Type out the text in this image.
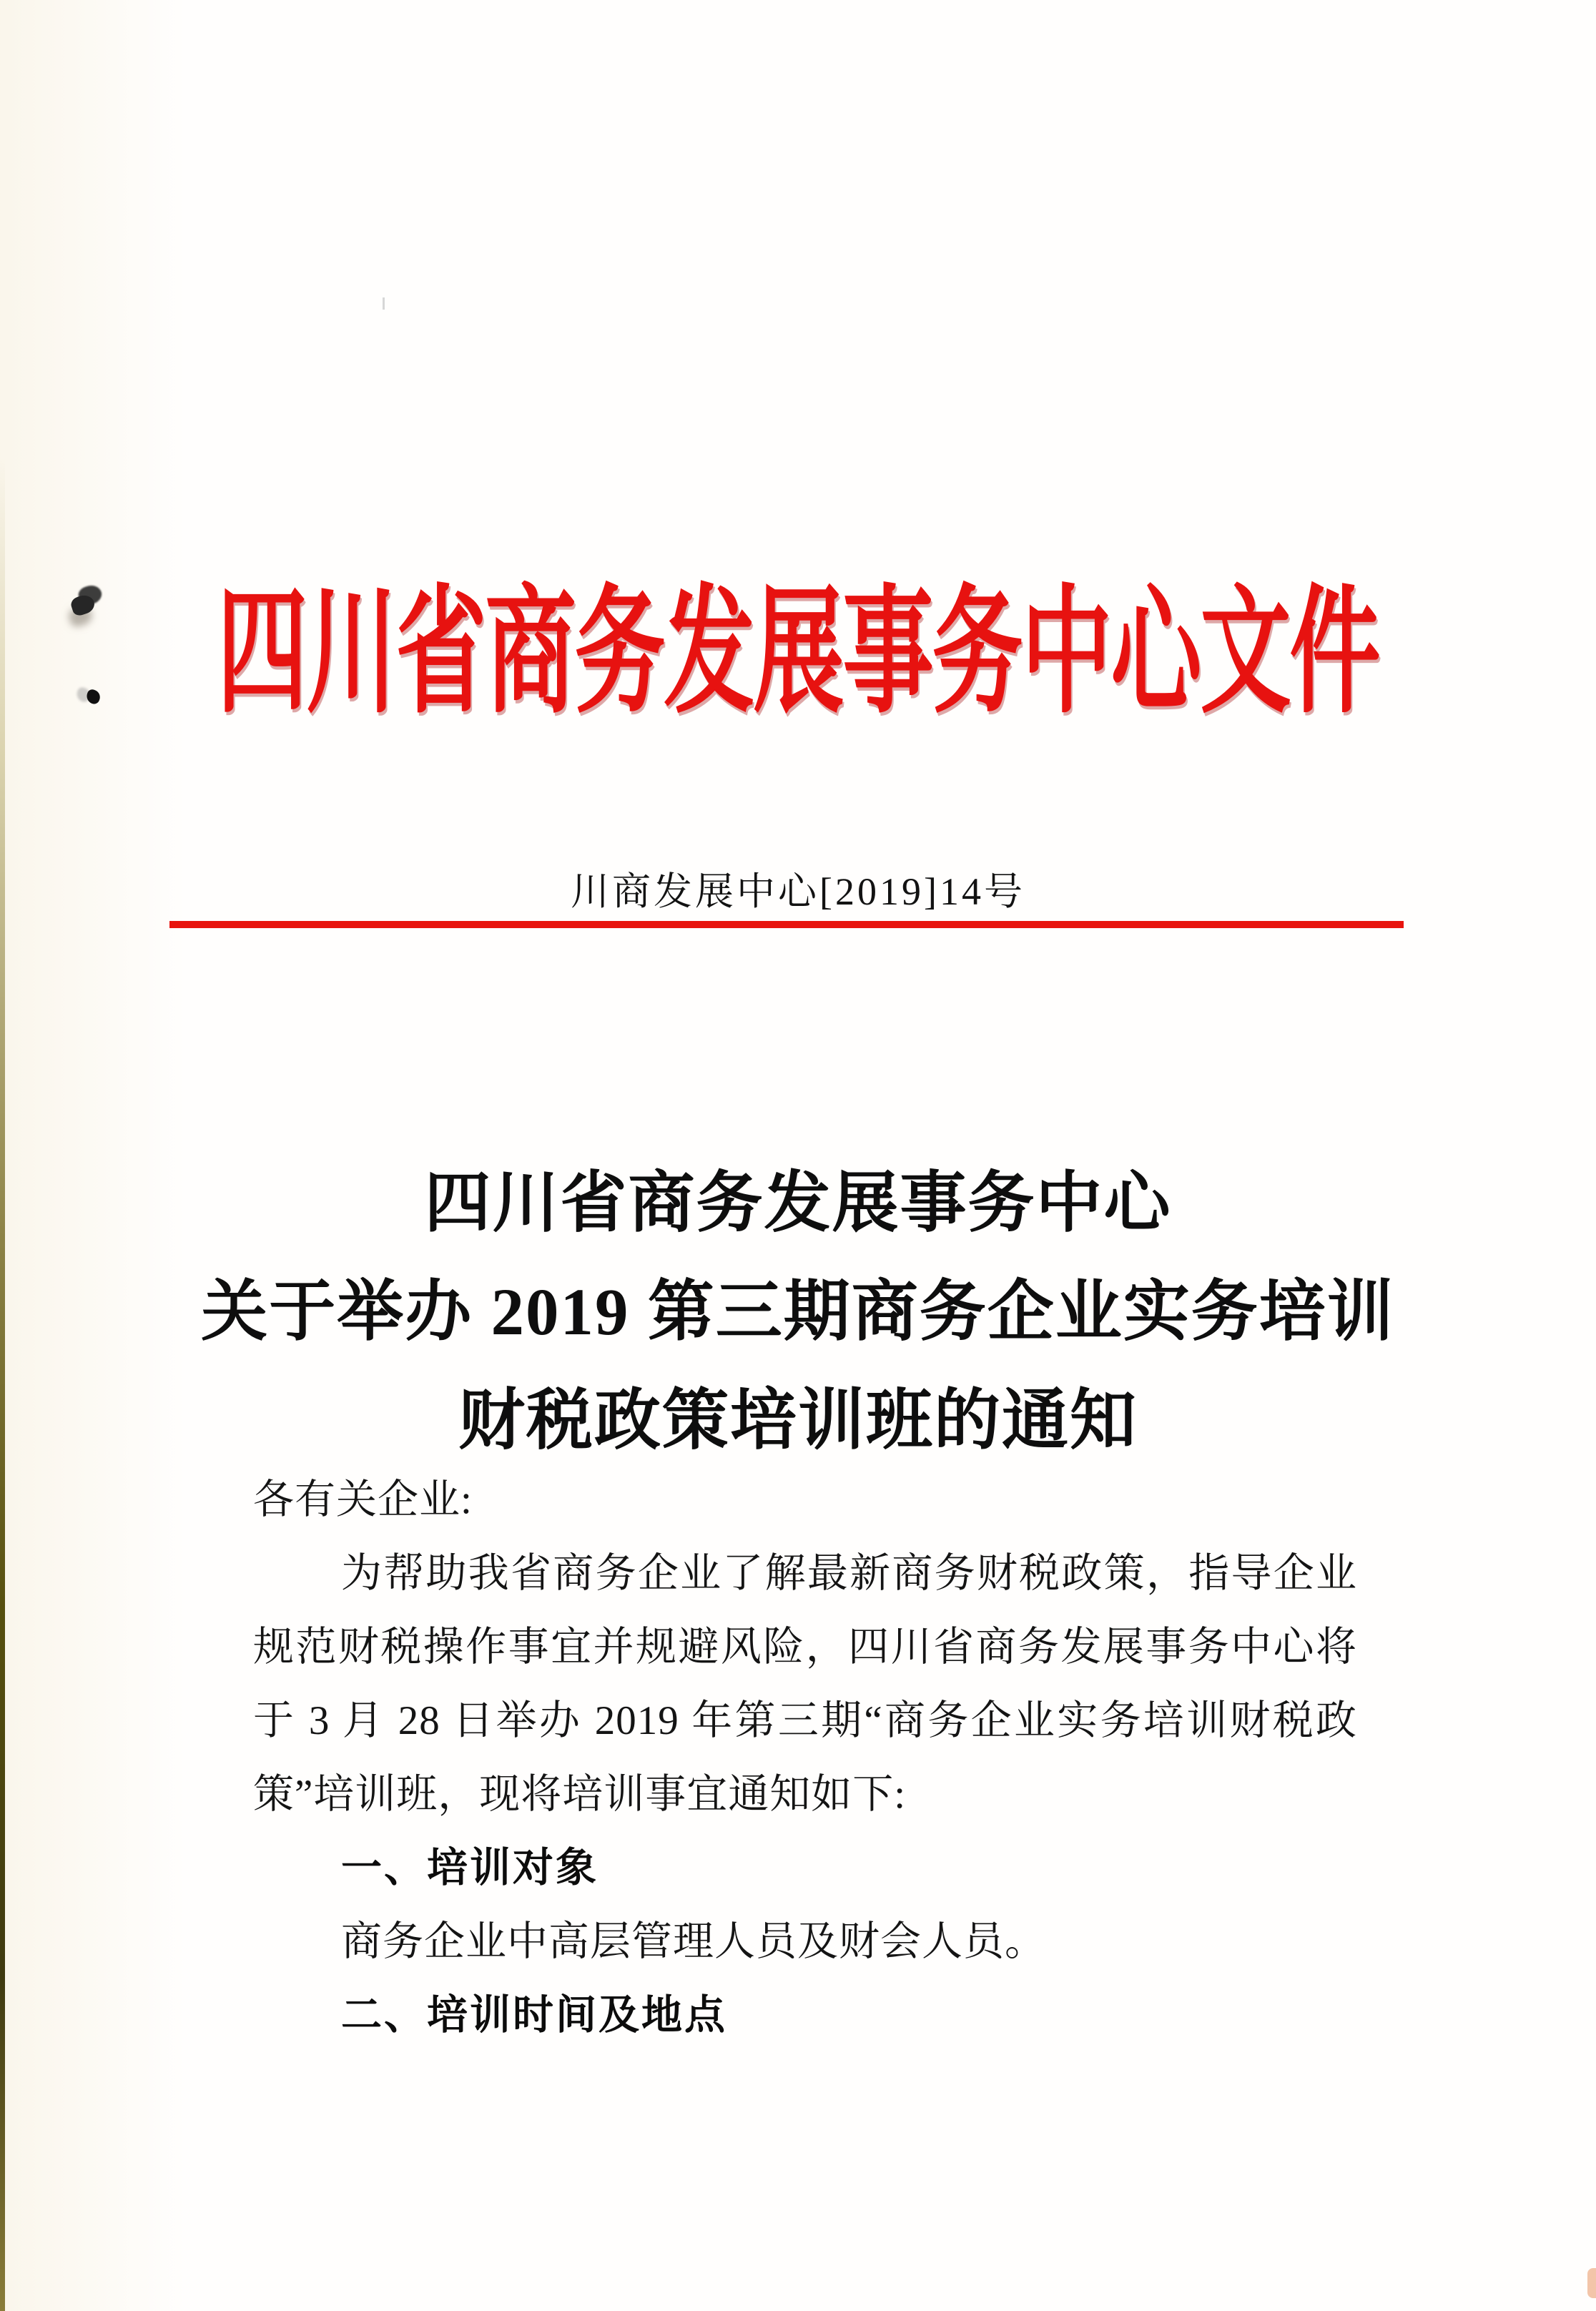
四川省商务发展事务中心文件
川商发展中心[2019]14号
四川省商务发展事务中心
关于举办 2019 第三期商务企业实务培训
财税政策培训班的通知
各有关企业:
为帮助我省商务企业了解最新商务财税政策，指导企业
规范财税操作事宜并规避风险，四川省商务发展事务中心将
于 3 月 28 日举办 2019 年第三期“商务企业实务培训财税政
策”培训班，现将培训事宜通知如下:
一、培训对象
商务企业中高层管理人员及财会人员。
二、培训时间及地点
